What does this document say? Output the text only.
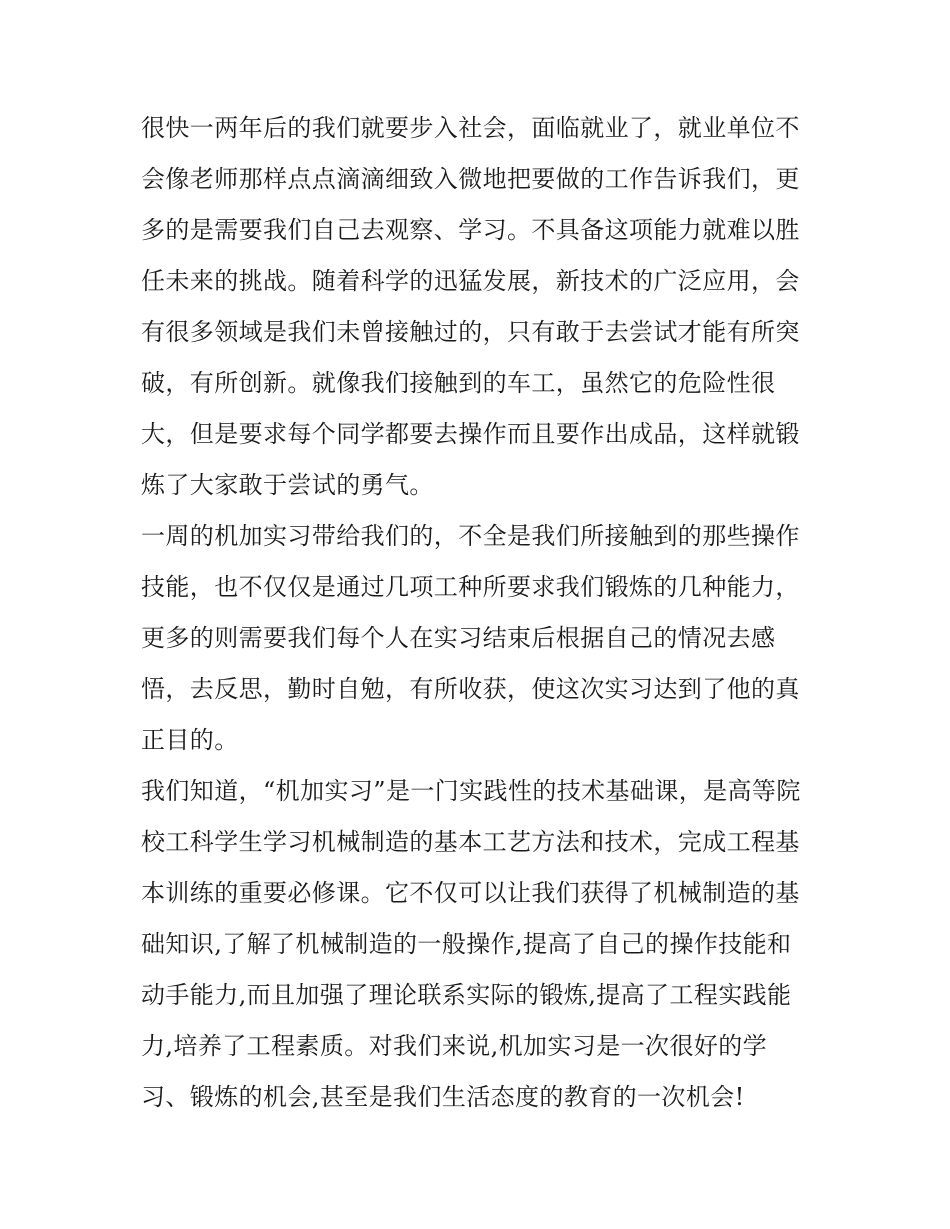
很快一两年后的我们就要步入社会，面临就业了，就业单位不
会像老师那样点点滴滴细致入微地把要做的工作告诉我们，更
多的是需要我们自己去观察、学习。不具备这项能力就难以胜
任未来的挑战。随着科学的迅猛发展，新技术的广泛应用，会
有很多领域是我们未曾接触过的，只有敢于去尝试才能有所突
破，有所创新。就像我们接触到的车工，虽然它的危险性很
大，但是要求每个同学都要去操作而且要作出成品，这样就锻
炼了大家敢于尝试的勇气。
一周的机加实习带给我们的，不全是我们所接触到的那些操作
技能，也不仅仅是通过几项工种所要求我们锻炼的几种能力，
更多的则需要我们每个人在实习结束后根据自己的情况去感
悟，去反思，勤时自勉，有所收获，使这次实习达到了他的真
正目的。
我们知道，“机加实习”是一门实践性的技术基础课，是高等院
校工科学生学习机械制造的基本工艺方法和技术，完成工程基
本训练的重要必修课。它不仅可以让我们获得了机械制造的基
础知识,了解了机械制造的一般操作,提高了自己的操作技能和
动手能力,而且加强了理论联系实际的锻炼,提高了工程实践能
力,培养了工程素质。对我们来说,机加实习是一次很好的学
习、锻炼的机会,甚至是我们生活态度的教育的一次机会!
